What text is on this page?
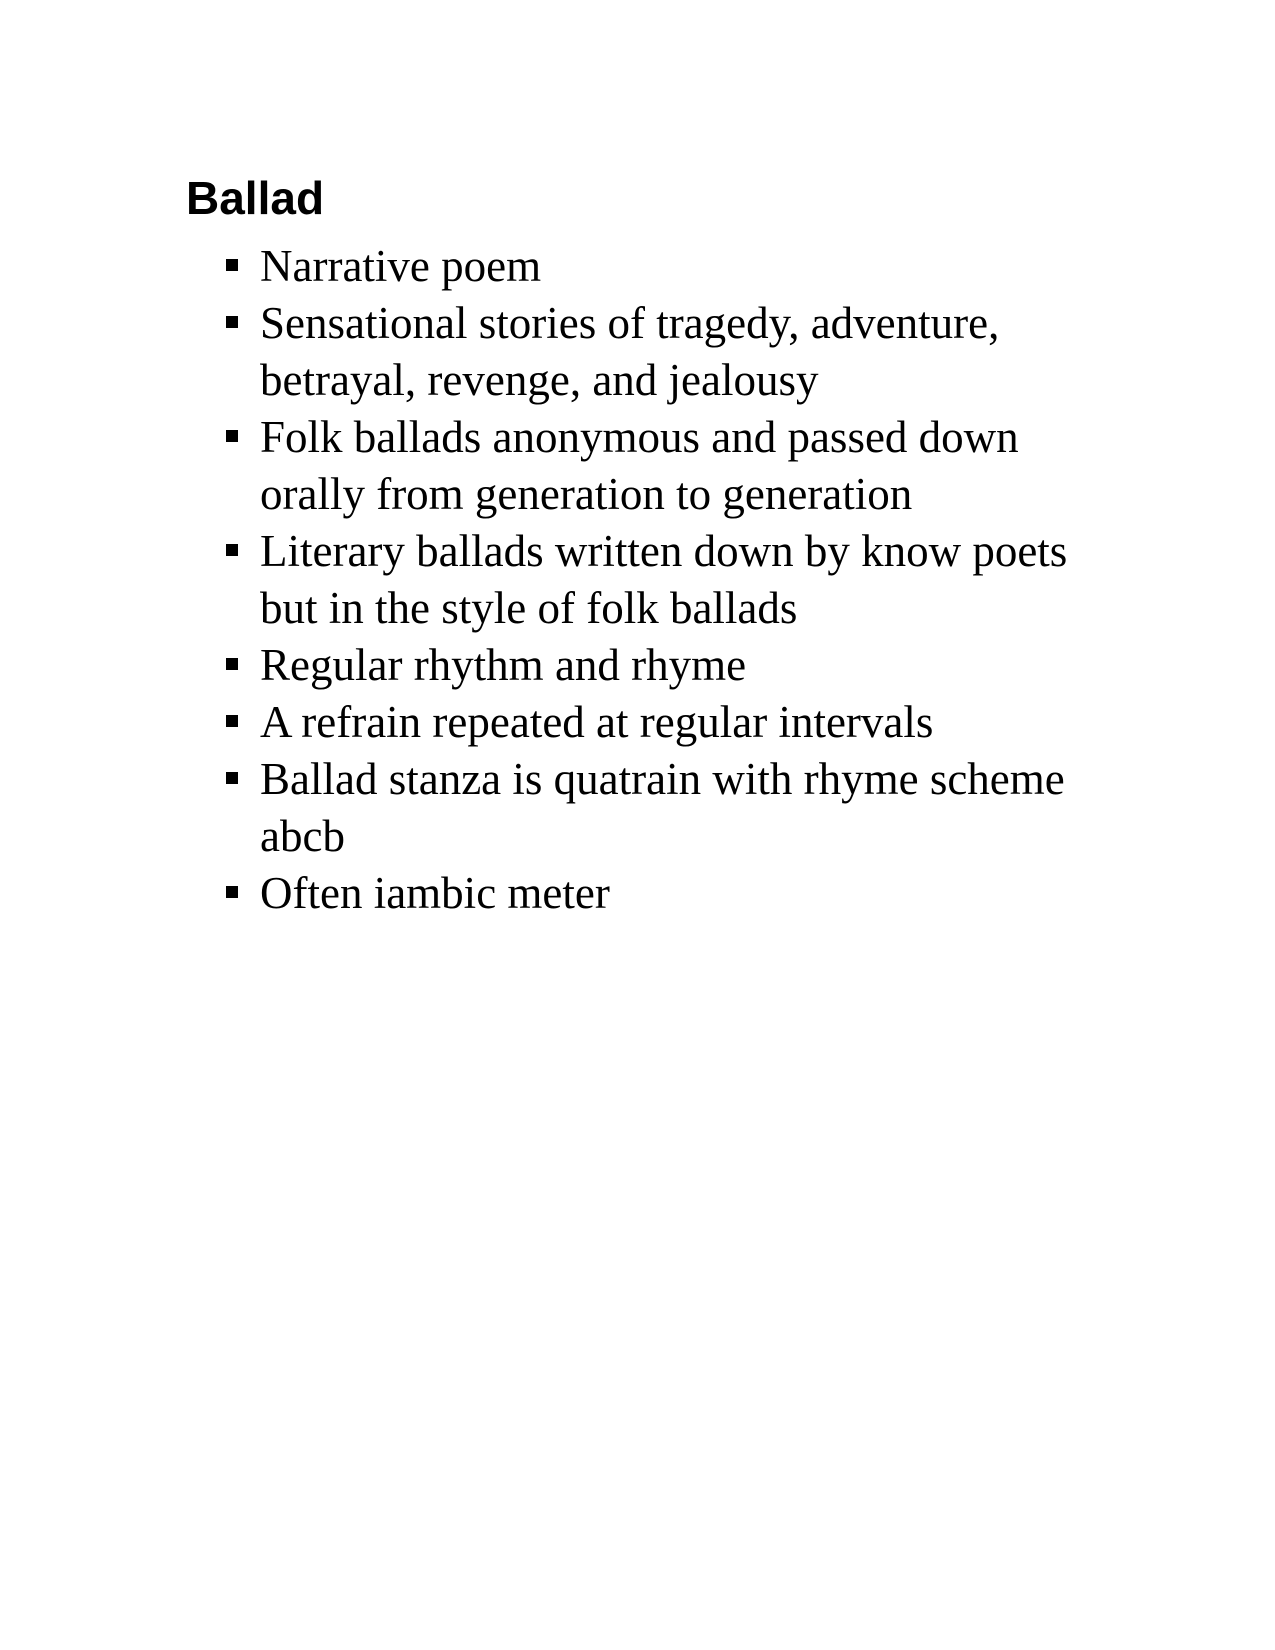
Ballad
Narrative poem
Sensational stories of tragedy, adventure, betrayal, revenge, and jealousy
Folk ballads anonymous and passed down orally from generation to generation
Literary ballads written down by know poets but in the style of folk ballads
Regular rhythm and rhyme
A refrain repeated at regular intervals
Ballad stanza is quatrain with rhyme scheme abcb
Often iambic meter
